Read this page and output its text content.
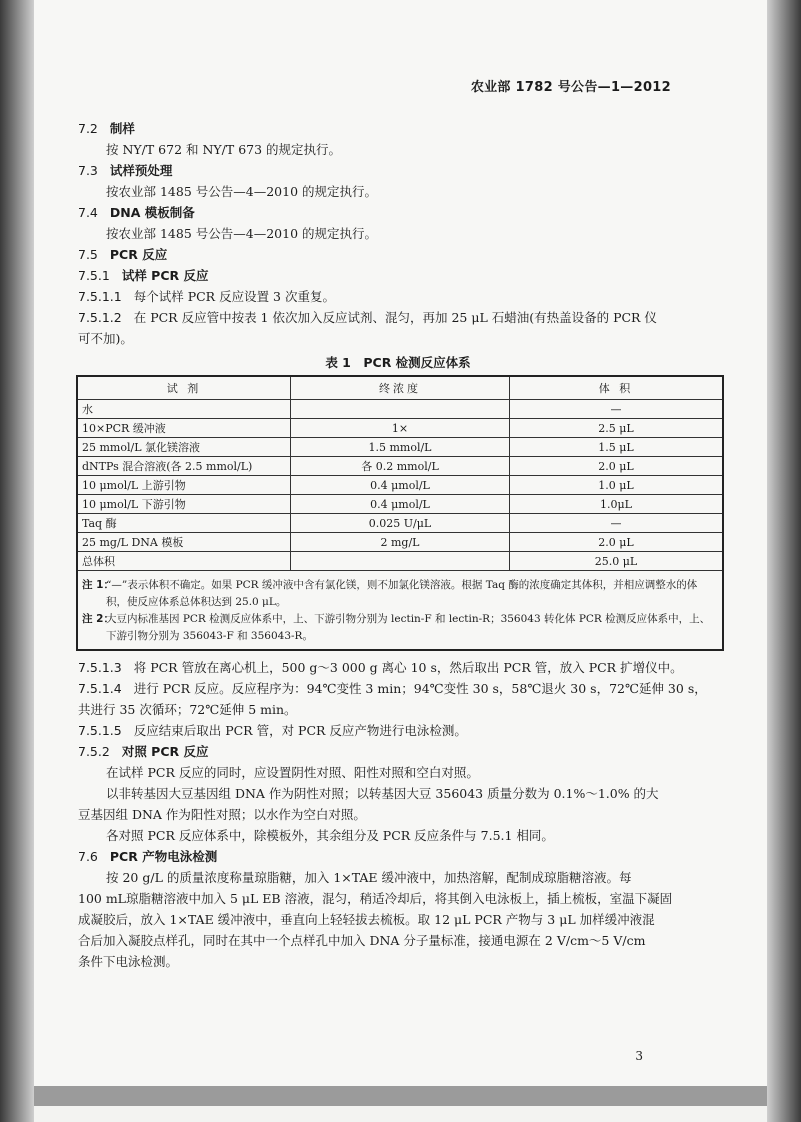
农业部 1782 号公告—1—2012
7.2 制样
按 NY/T 672 和 NY/T 673 的规定执行。
7.3 试样预处理
按农业部 1485 号公告—4—2010 的规定执行。
7.4 DNA 模板制备
按农业部 1485 号公告—4—2010 的规定执行。
7.5 PCR 反应
7.5.1 试样 PCR 反应
7.5.1.1 每个试样 PCR 反应设置 3 次重复。
7.5.1.2 在 PCR 反应管中按表 1 依次加入反应试剂、混匀，再加 25 μL 石蜡油(有热盖设备的 PCR 仪
可不加)。
表 1　PCR 检测反应体系
试 剂	终浓度	体 积
水		—
10×PCR 缓冲液	1×	2.5 μL
25 mmol/L 氯化镁溶液	1.5 mmol/L	1.5 μL
dNTPs 混合溶液(各 2.5 mmol/L)	各 0.2 mmol/L	2.0 μL
10 μmol/L 上游引物	0.4 μmol/L	1.0 μL
10 μmol/L 下游引物	0.4 μmol/L	1.0μL
Taq 酶	0.025 U/μL	—
25 mg/L DNA 模板	2 mg/L	2.0 μL
总体积		25.0 μL
注 1：
“—”表示体积不确定。如果 PCR 缓冲液中含有氯化镁，则不加氯化镁溶液。根据 Taq 酶的浓度确定其体积，并相应调整水的体积，使反应体系总体积达到 25.0 μL。
注 2：
大豆内标准基因 PCR 检测反应体系中，上、下游引物分别为 lectin-F 和 lectin-R；356043 转化体 PCR 检测反应体系中，上、下游引物分别为 356043-F 和 356043-R。
7.5.1.3 将 PCR 管放在离心机上，500 g～3 000 g 离心 10 s，然后取出 PCR 管，放入 PCR 扩增仪中。
7.5.1.4 进行 PCR 反应。反应程序为：94℃变性 3 min；94℃变性 30 s，58℃退火 30 s，72℃延伸 30 s，
共进行 35 次循环；72℃延伸 5 min。
7.5.1.5 反应结束后取出 PCR 管，对 PCR 反应产物进行电泳检测。
7.5.2 对照 PCR 反应
在试样 PCR 反应的同时，应设置阴性对照、阳性对照和空白对照。
以非转基因大豆基因组 DNA 作为阴性对照；以转基因大豆 356043 质量分数为 0.1%～1.0% 的大
豆基因组 DNA 作为阳性对照；以水作为空白对照。
各对照 PCR 反应体系中，除模板外，其余组分及 PCR 反应条件与 7.5.1 相同。
7.6 PCR 产物电泳检测
按 20 g/L 的质量浓度称量琼脂糖，加入 1×TAE 缓冲液中，加热溶解，配制成琼脂糖溶液。每
100 mL琼脂糖溶液中加入 5 μL EB 溶液，混匀，稍适冷却后，将其倒入电泳板上，插上梳板，室温下凝固
成凝胶后，放入 1×TAE 缓冲液中，垂直向上轻轻拔去梳板。取 12 μL PCR 产物与 3 μL 加样缓冲液混
合后加入凝胶点样孔，同时在其中一个点样孔中加入 DNA 分子量标准，接通电源在 2 V/cm～5 V/cm
条件下电泳检测。
3
